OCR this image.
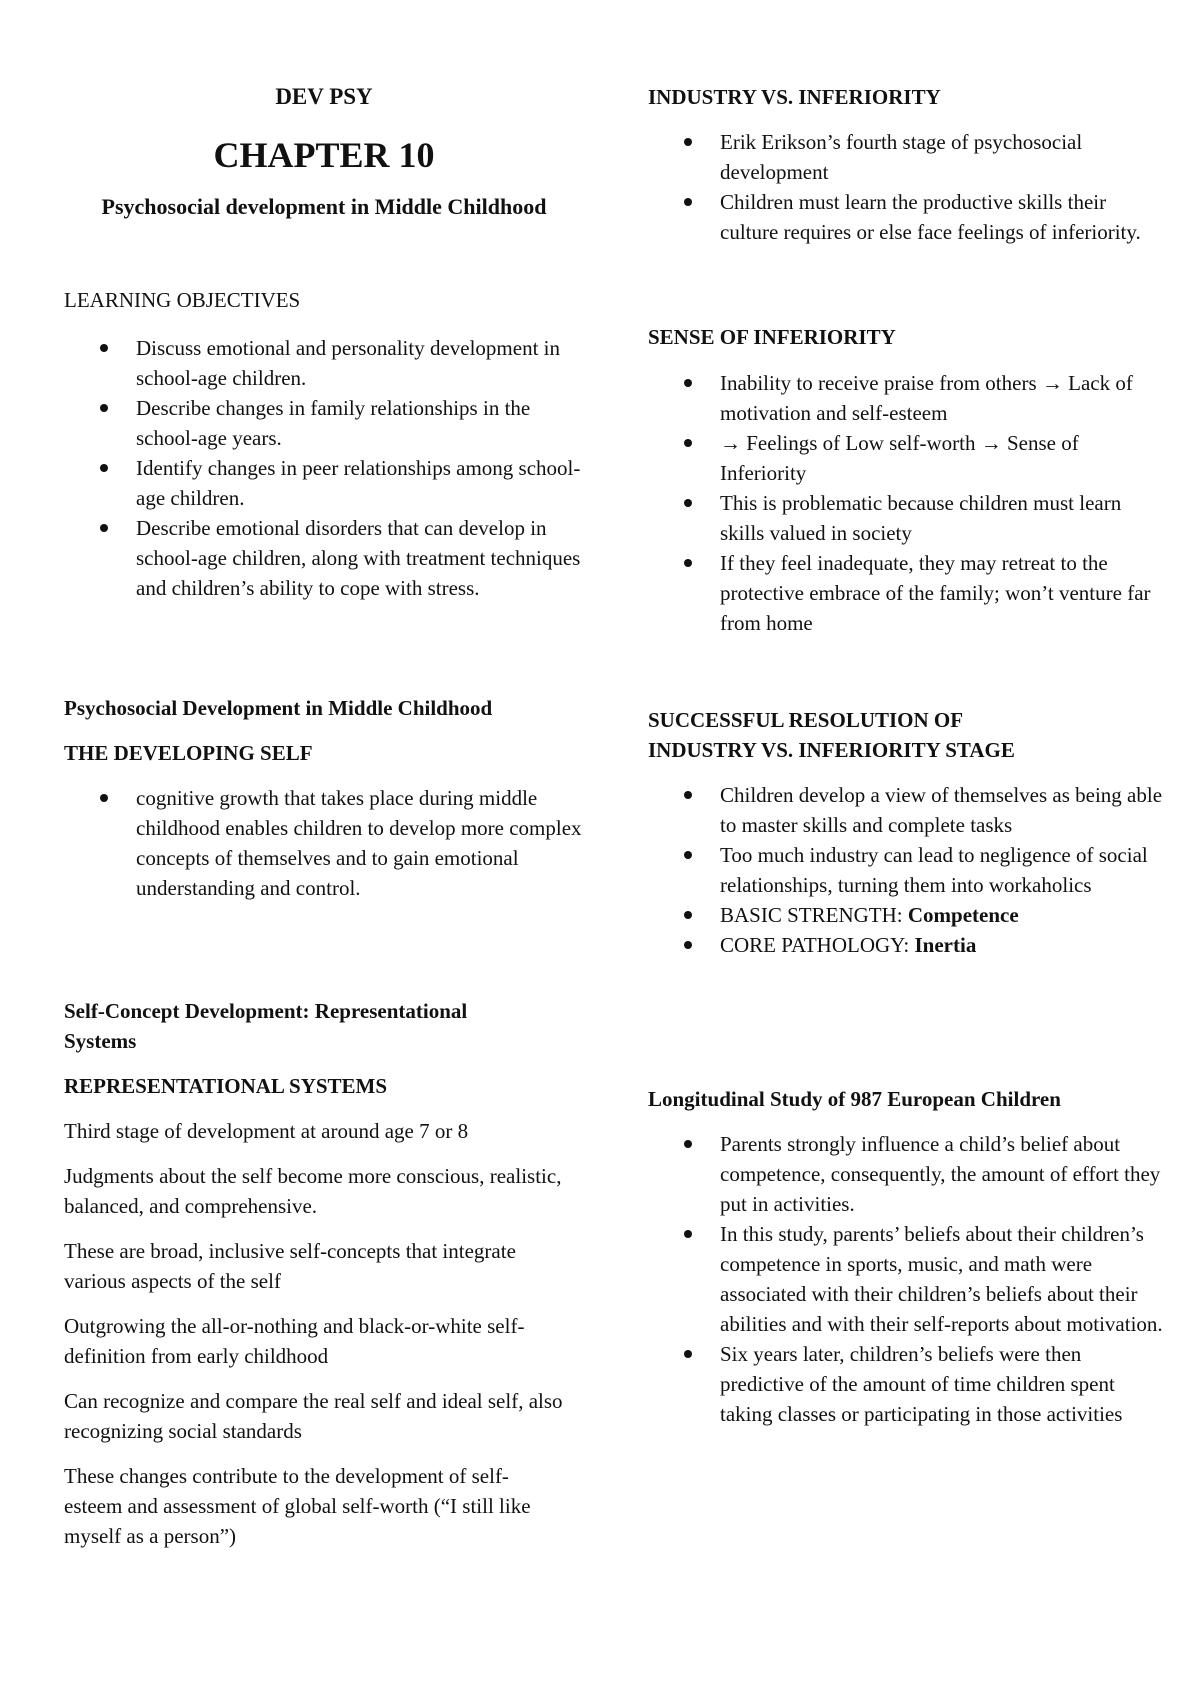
DEV PSY
CHAPTER 10
Psychosocial development in Middle Childhood
LEARNING OBJECTIVES
Discuss emotional and personality development in school-age children.
Describe changes in family relationships in the school-age years.
Identify changes in peer relationships among school-age children.
Describe emotional disorders that can develop in school-age children, along with treatment techniques and children’s ability to cope with stress.
Psychosocial Development in Middle Childhood
THE DEVELOPING SELF
cognitive growth that takes place during middle childhood enables children to develop more complex concepts of themselves and to gain emotional understanding and control.
Self-Concept Development: Representational Systems
REPRESENTATIONAL SYSTEMS

Third stage of development at around age 7 or 8

Judgments about the self become more conscious, realistic, balanced, and comprehensive.

These are broad, inclusive self-concepts that integrate various aspects of the self

Outgrowing the all-or-nothing and black-or-white self-definition from early childhood

Can recognize and compare the real self and ideal self, also recognizing social standards

These changes contribute to the development of self-esteem and assessment of global self-worth (“I still like myself as a person”)

INDUSTRY VS. INFERIORITY
Erik Erikson’s fourth stage of psychosocial development
Children must learn the productive skills their culture requires or else face feelings of inferiority.
SENSE OF INFERIORITY
Inability to receive praise from others → Lack of motivation and self-esteem
→ Feelings of Low self-worth → Sense of Inferiority
This is problematic because children must learn skills valued in society
If they feel inadequate, they may retreat to the protective embrace of the family; won’t venture far from home
SUCCESSFUL RESOLUTION OF
INDUSTRY VS. INFERIORITY STAGE
Children develop a view of themselves as being able to master skills and complete tasks
Too much industry can lead to negligence of social relationships, turning them into workaholics
BASIC STRENGTH: Competence
CORE PATHOLOGY: Inertia
Longitudinal Study of 987 European Children
Parents strongly influence a child’s belief about competence, consequently, the amount of effort they put in activities.
In this study, parents’ beliefs about their children’s competence in sports, music, and math were associated with their children’s beliefs about their abilities and with their self-reports about motivation.
Six years later, children’s beliefs were then predictive of the amount of time children spent taking classes or participating in those activities
